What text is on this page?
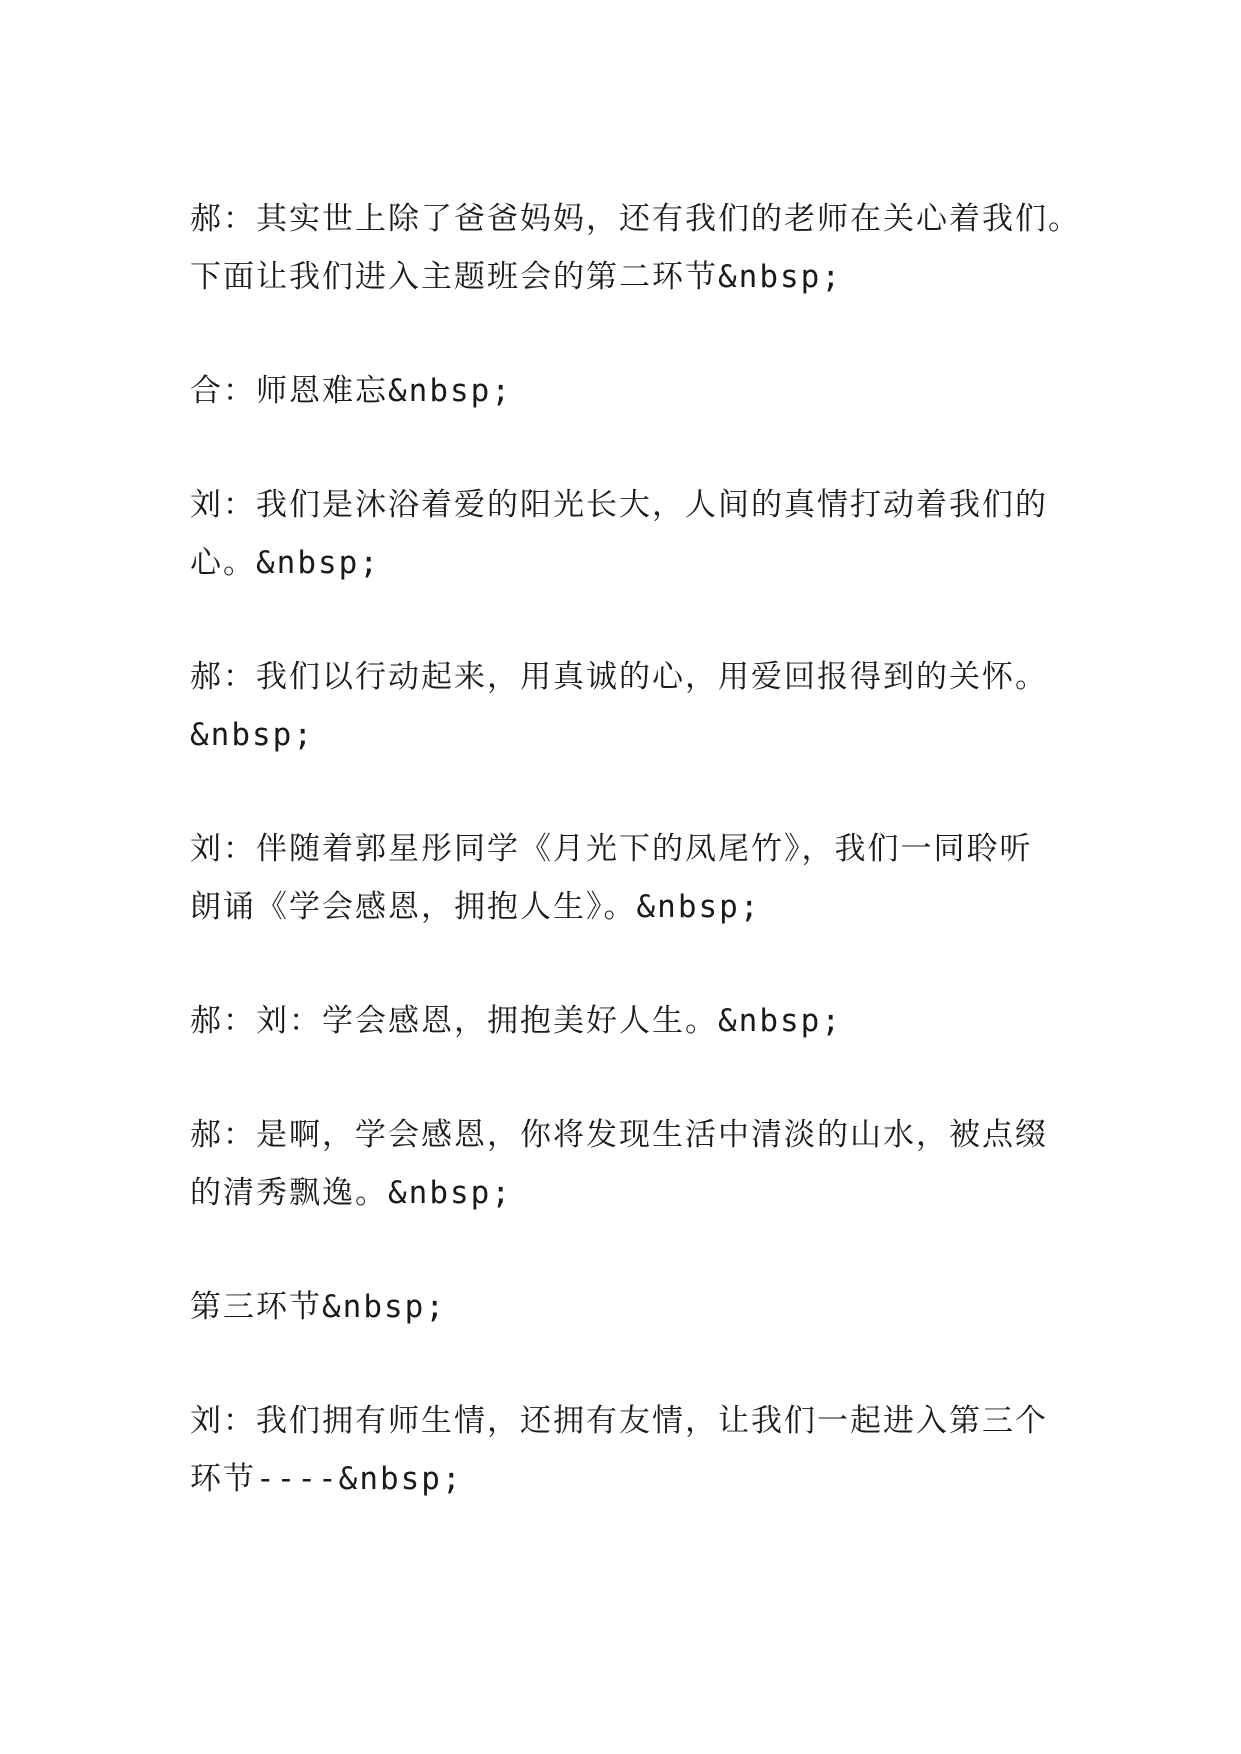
郝：其实世上除了爸爸妈妈，还有我们的老师在关心着我们。
下面让我们进入主题班会的第二环节&nbsp;

合：师恩难忘&nbsp;

刘：我们是沐浴着爱的阳光长大，人间的真情打动着我们的
心。&nbsp;

郝：我们以行动起来，用真诚的心，用爱回报得到的关怀。
&nbsp;

刘：伴随着郭星彤同学《月光下的凤尾竹》，我们一同聆听
朗诵《学会感恩，拥抱人生》。&nbsp;

郝：刘：学会感恩，拥抱美好人生。&nbsp;

郝：是啊，学会感恩，你将发现生活中清淡的山水，被点缀
的清秀飘逸。&nbsp;

第三环节&nbsp;

刘：我们拥有师生情，还拥有友情，让我们一起进入第三个
环节----&nbsp;
